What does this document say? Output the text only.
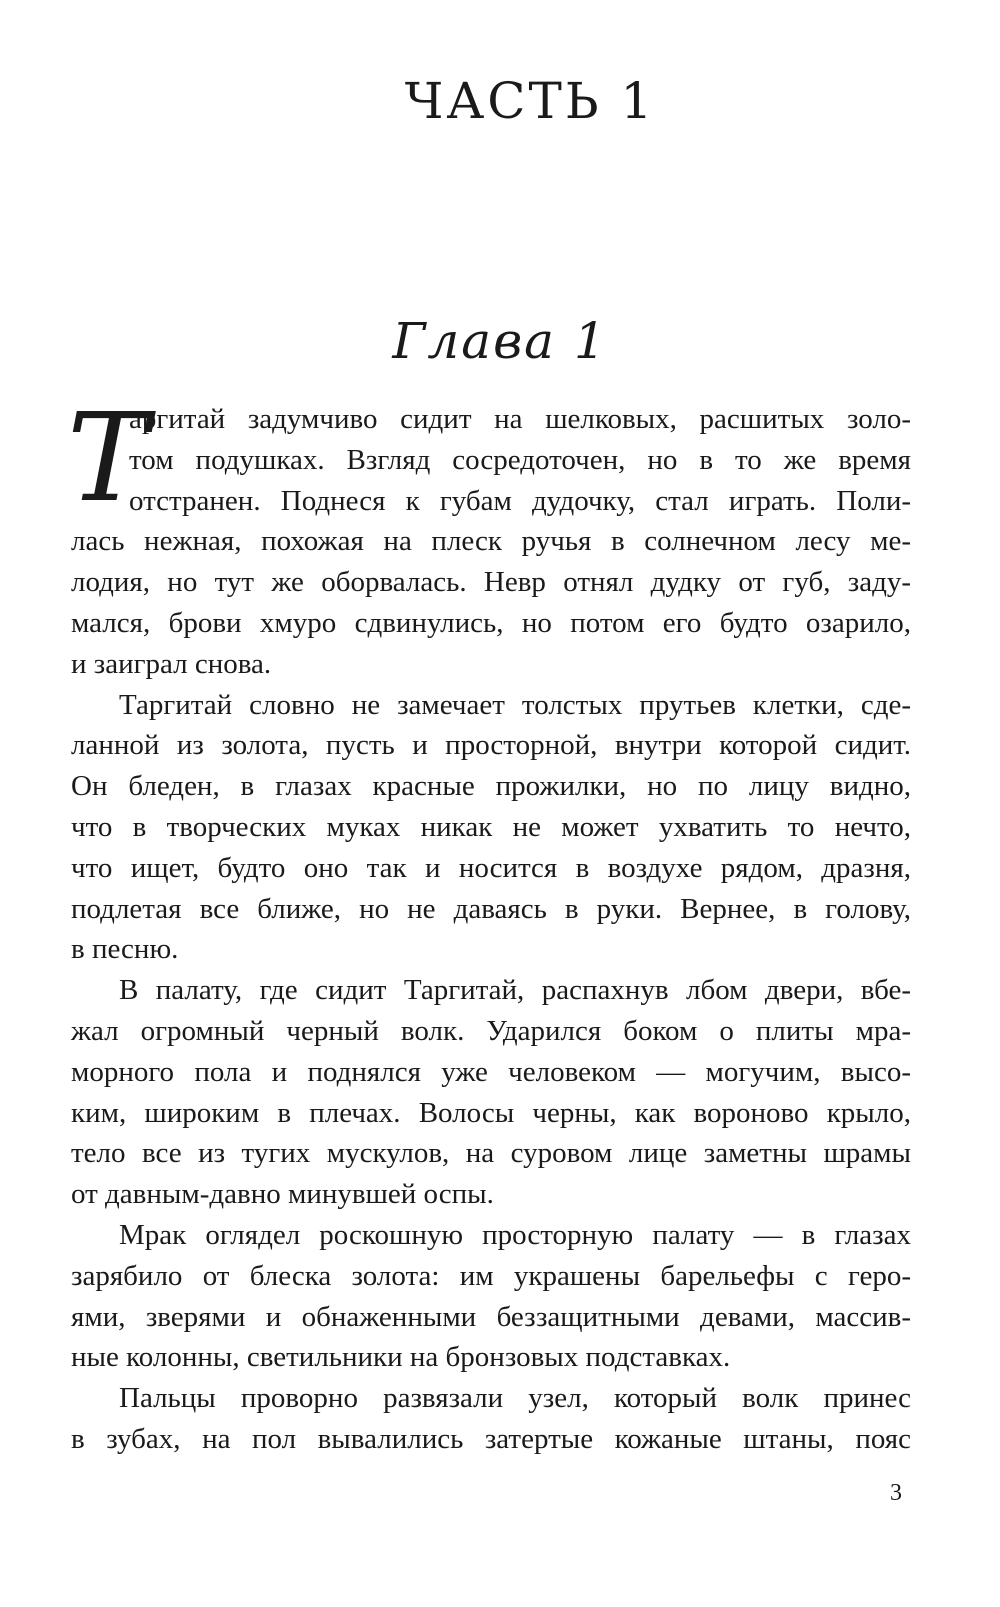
ЧАСТЬ 1
Глава 1
Т
аргитай задумчиво сидит на шелковых, расшитых золо-
том подушках. Взгляд сосредоточен, но в то же время
отстранен. Поднеся к губам дудочку, стал играть. Поли-
лась нежная, похожая на плеск ручья в солнечном лесу ме-
лодия, но тут же оборвалась. Невр отнял дудку от губ, заду-
мался, брови хмуро сдвинулись, но потом его будто озарило,
и заиграл снова.
Таргитай словно не замечает толстых прутьев клетки, сде-
ланной из золота, пусть и просторной, внутри которой сидит.
Он бледен, в глазах красные прожилки, но по лицу видно,
что в творческих муках никак не может ухватить то нечто,
что ищет, будто оно так и носится в воздухе рядом, дразня,
подлетая все ближе, но не даваясь в руки. Вернее, в голову,
в песню.
В палату, где сидит Таргитай, распахнув лбом двери, вбе-
жал огромный черный волк. Ударился боком о плиты мра-
морного пола и поднялся уже человеком — могучим, высо-
ким, широким в плечах. Волосы черны, как вороново крыло,
тело все из тугих мускулов, на суровом лице заметны шрамы
от давным-давно минувшей оспы.
Мрак оглядел роскошную просторную палату — в глазах
зарябило от блеска золота: им украшены барельефы с геро-
ями, зверями и обнаженными беззащитными девами, массив-
ные колонны, светильники на бронзовых подставках.
Пальцы проворно развязали узел, который волк принес
в зубах, на пол вывалились затертые кожаные штаны, пояс
3
